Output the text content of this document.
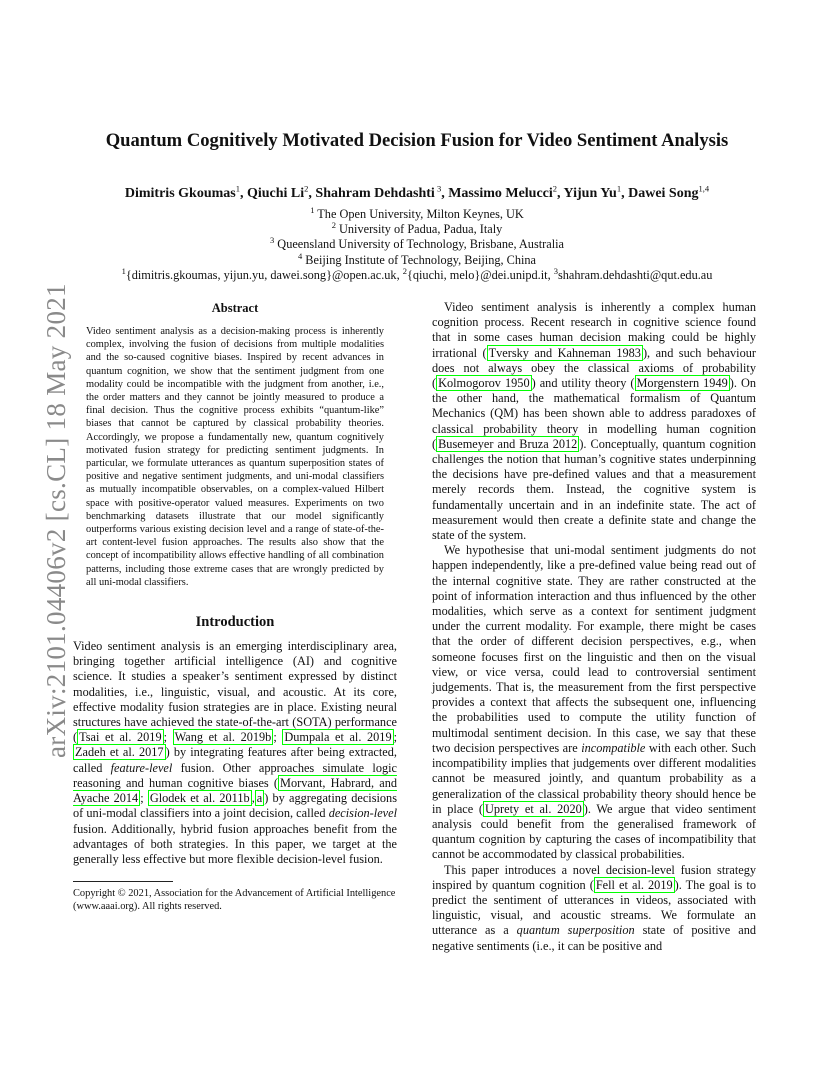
arXiv:2101.04406v2 [cs.CL] 18 May 2021
Quantum Cognitively Motivated Decision Fusion for Video Sentiment Analysis
Dimitris Gkoumas$^1$, Qiuchi Li$^2$, Shahram Dehdashti $^3$, Massimo Melucci$^2$, Yijun Yu$^1$, Dawei Song$^{1,4}$
$^1$ The Open University, Milton Keynes, UK
$^2$ University of Padua, Padua, Italy
$^3$ Queensland University of Technology, Brisbane, Australia
$^4$ Beijing Institute of Technology, Beijing, China
$^1${dimitris.gkoumas, yijun.yu, dawei.song}@open.ac.uk, $^2${qiuchi, melo}@dei.unipd.it, $^3$shahram.dehdashti@qut.edu.au
Abstract

Video sentiment analysis as a decision-making process is inherently complex, involving the fusion of decisions from multiple modalities and the so-caused cognitive biases. Inspired by recent advances in quantum cognition, we show that the sentiment judgment from one modality could be incompatible with the judgment from another, i.e., the order matters and they cannot be jointly measured to produce a final decision. Thus the cognitive process exhibits “quantum-like” biases that cannot be captured by classical probability theories. Accordingly, we propose a fundamentally new, quantum cognitively motivated fusion strategy for predicting sentiment judgments. In particular, we formulate utterances as quantum superposition states of positive and negative sentiment judgments, and uni-modal classifiers as mutually incompatible observables, on a complex-valued Hilbert space with positive-operator valued measures. Experiments on two benchmarking datasets illustrate that our model significantly outperforms various existing decision level and a range of state-of-the-art content-level fusion approaches. The results also show that the concept of incompatibility allows effective handling of all combination patterns, including those extreme cases that are wrongly predicted by all uni-modal classifiers.

Introduction

Video sentiment analysis is an emerging interdisciplinary area, bringing together artificial intelligence (AI) and cognitive science. It studies a speaker’s sentiment expressed by distinct modalities, i.e., linguistic, visual, and acoustic. At its core, effective modality fusion strategies are in place. Existing neural structures have achieved the state-of-the-art (SOTA) performance ( Tsai et al. 2019 ; Wang et al. 2019b ; Dumpala et al. 2019 ; Zadeh et al. 2017 ) by integrating features after being extracted, called feature-level fusion. Other approaches simulate logic reasoning and human cognitive biases ( Morvant, Habrard, and Ayache 2014 ; Glodek et al. 2011b , a ) by aggregating decisions of uni-modal classifiers into a joint decision, called decision-level fusion. Additionally, hybrid fusion approaches benefit from the advantages of both strategies. In this paper, we target at the generally less effective but more flexible decision-level fusion.

Copyright © 2021, Association for the Advancement of Artificial Intelligence (www.aaai.org). All rights reserved.

Video sentiment analysis is inherently a complex human cognition process. Recent research in cognitive science found that in some cases human decision making could be highly irrational ( Tversky and Kahneman 1983 ), and such behaviour does not always obey the classical axioms of probability ( Kolmogorov 1950 ) and utility theory ( Morgenstern 1949 ). On the other hand, the mathematical formalism of Quantum Mechanics (QM) has been shown able to address paradoxes of classical probability theory in modelling human cognition ( Busemeyer and Bruza 2012 ). Conceptually, quantum cognition challenges the notion that human’s cognitive states underpinning the decisions have pre-defined values and that a measurement merely records them. Instead, the cognitive system is fundamentally uncertain and in an indefinite state. The act of measurement would then create a definite state and change the state of the system.

We hypothesise that uni-modal sentiment judgments do not happen independently, like a pre-defined value being read out of the internal cognitive state. They are rather constructed at the point of information interaction and thus influenced by the other modalities, which serve as a context for sentiment judgment under the current modality. For example, there might be cases that the order of different decision perspectives, e.g., when someone focuses first on the linguistic and then on the visual view, or vice versa, could lead to controversial sentiment judgements. That is, the measurement from the first perspective provides a context that affects the subsequent one, influencing the probabilities used to compute the utility function of multimodal sentiment decision. In this case, we say that these two decision perspectives are incompatible with each other. Such incompatibility implies that judgements over different modalities cannot be measured jointly, and quantum probability as a generalization of the classical probability theory should hence be in place ( Uprety et al. 2020 ). We argue that video sentiment analysis could benefit from the generalised framework of quantum cognition by capturing the cases of incompatibility that cannot be accommodated by classical probabilities.

This paper introduces a novel decision-level fusion strategy inspired by quantum cognition ( Fell et al. 2019 ). The goal is to predict the sentiment of utterances in videos, associated with linguistic, visual, and acoustic streams. We formulate an utterance as a quantum superposition state of positive and negative sentiments (i.e., it can be positive and
